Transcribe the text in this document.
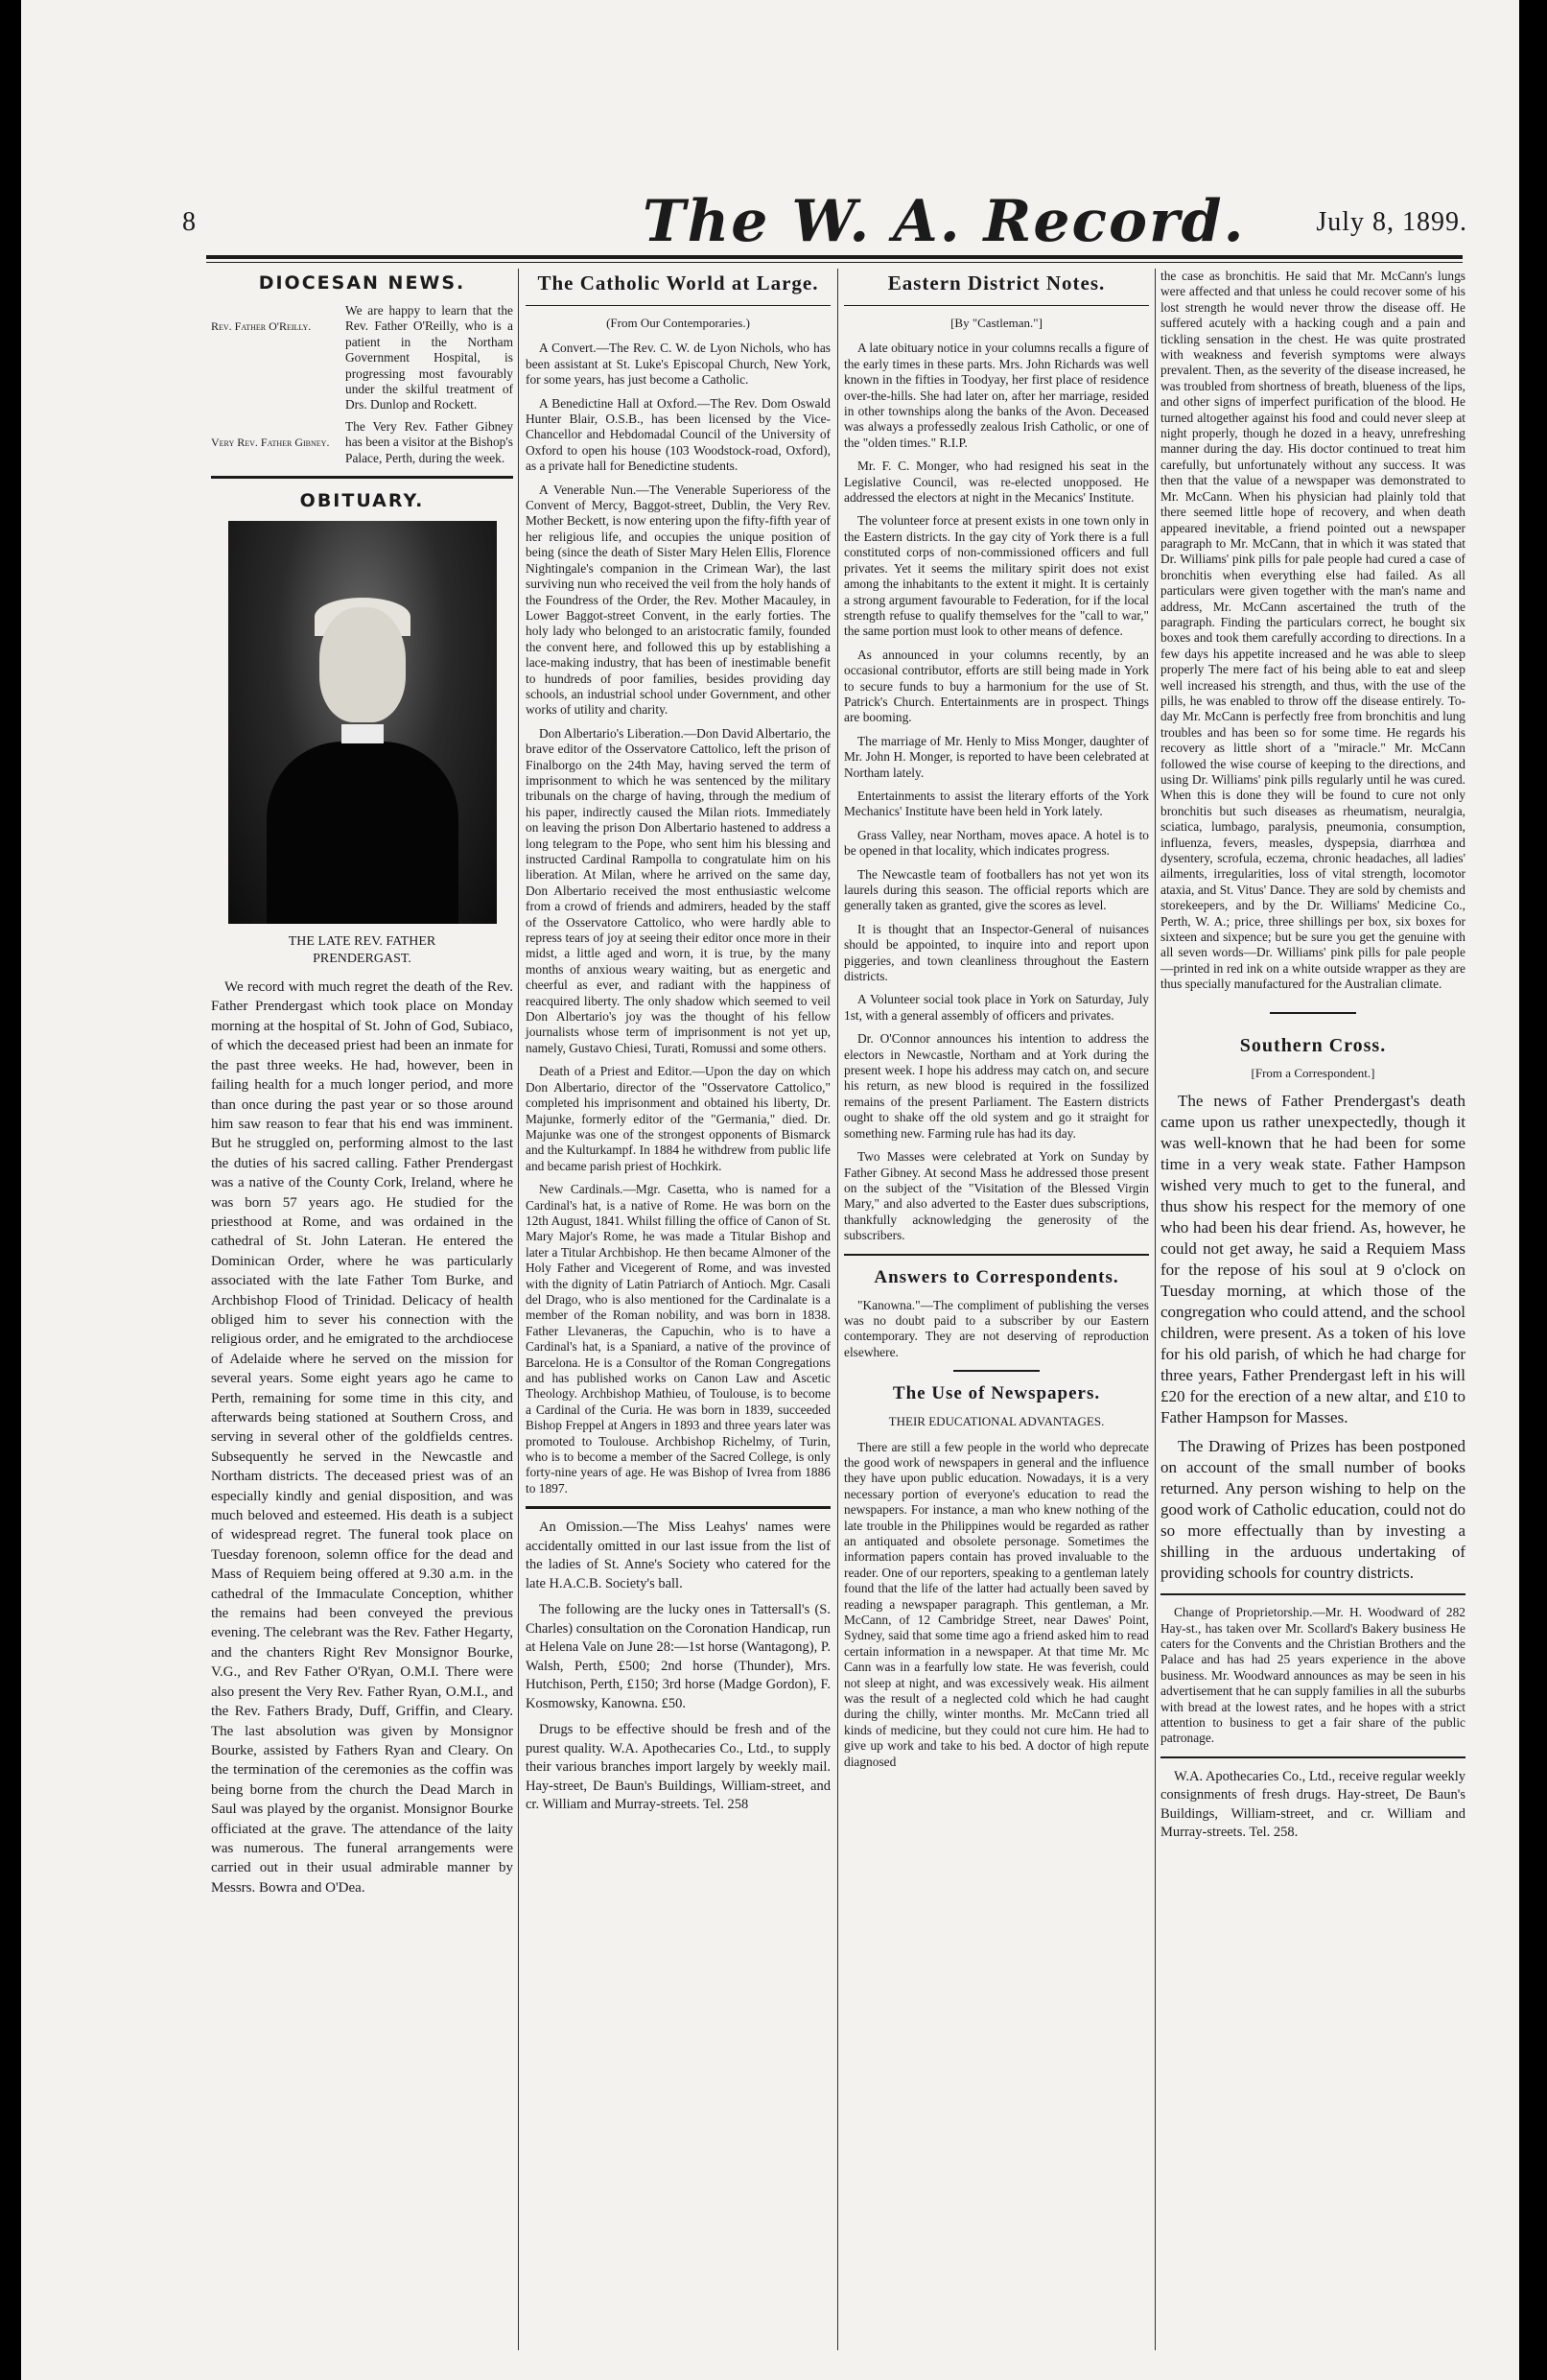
8	The W. A. Record.	July 8, 1899.
DIOCESAN NEWS.
Rev. Father O'Reilly.
We are happy to learn that the Rev. Father O'Reilly, who is a patient in the Northam Government Hospital, is progressing most favourably under the skilful treatment of Drs. Dunlop and Rockett.
Very Rev. Father Gibney.
The Very Rev. Father Gibney has been a visitor at the Bishop's Palace, Perth, during the week.
OBITUARY.
THE LATE REV. FATHER
PRENDERGAST.

We record with much regret the death of the Rev. Father Prendergast which took place on Monday morning at the hospital of St. John of God, Subiaco, of which the deceased priest had been an inmate for the past three weeks. He had, however, been in failing health for a much longer period, and more than once during the past year or so those around him saw reason to fear that his end was imminent. But he struggled on, performing almost to the last the duties of his sacred calling. Father Prendergast was a native of the County Cork, Ireland, where he was born 57 years ago. He studied for the priesthood at Rome, and was ordained in the cathedral of St. John Lateran. He entered the Dominican Order, where he was particularly associated with the late Father Tom Burke, and Archbishop Flood of Trinidad. Delicacy of health obliged him to sever his connection with the religious order, and he emigrated to the archdiocese of Adelaide where he served on the mission for several years. Some eight years ago he came to Perth, remaining for some time in this city, and afterwards being stationed at Southern Cross, and serving in several other of the goldfields centres. Subsequently he served in the Newcastle and Northam districts. The deceased priest was of an especially kindly and genial disposition, and was much beloved and esteemed. His death is a subject of widespread regret. The funeral took place on Tuesday forenoon, solemn office for the dead and Mass of Requiem being offered at 9.30 a.m. in the cathedral of the Immaculate Conception, whither the remains had been conveyed the previous evening. The celebrant was the Rev. Father Hegarty, and the chanters Right Rev Monsignor Bourke, V.G., and Rev Father O'Ryan, O.M.I. There were also present the Very Rev. Father Ryan, O.M.I., and the Rev. Fathers Brady, Duff, Griffin, and Cleary. The last absolution was given by Monsignor Bourke, assisted by Fathers Ryan and Cleary. On the termination of the ceremonies as the coffin was being borne from the church the Dead March in Saul was played by the organist. Monsignor Bourke officiated at the grave. The attendance of the laity was numerous. The funeral arrangements were carried out in their usual admirable manner by Messrs. Bowra and O'Dea.

The Catholic World at Large.
(From Our Contemporaries.)

A Convert.—The Rev. C. W. de Lyon Nichols, who has been assistant at St. Luke's Episcopal Church, New York, for some years, has just become a Catholic.

A Benedictine Hall at Oxford.—The Rev. Dom Oswald Hunter Blair, O.S.B., has been licensed by the Vice-Chancellor and Hebdomadal Council of the University of Oxford to open his house (103 Woodstock-road, Oxford), as a private hall for Benedictine students.

A Venerable Nun.—The Venerable Superioress of the Convent of Mercy, Baggot-street, Dublin, the Very Rev. Mother Beckett, is now entering upon the fifty-fifth year of her religious life, and occupies the unique position of being (since the death of Sister Mary Helen Ellis, Florence Nightingale's companion in the Crimean War), the last surviving nun who received the veil from the holy hands of the Foundress of the Order, the Rev. Mother Macauley, in Lower Baggot-street Convent, in the early forties. The holy lady who belonged to an aristocratic family, founded the convent here, and followed this up by establishing a lace-making industry, that has been of inestimable benefit to hundreds of poor families, besides providing day schools, an industrial school under Government, and other works of utility and charity.

Don Albertario's Liberation.—Don David Albertario, the brave editor of the Osservatore Cattolico, left the prison of Finalborgo on the 24th May, having served the term of imprisonment to which he was sentenced by the military tribunals on the charge of having, through the medium of his paper, indirectly caused the Milan riots. Immediately on leaving the prison Don Albertario hastened to address a long telegram to the Pope, who sent him his blessing and instructed Cardinal Rampolla to congratulate him on his liberation. At Milan, where he arrived on the same day, Don Albertario received the most enthusiastic welcome from a crowd of friends and admirers, headed by the staff of the Osservatore Cattolico, who were hardly able to repress tears of joy at seeing their editor once more in their midst, a little aged and worn, it is true, by the many months of anxious weary waiting, but as energetic and cheerful as ever, and radiant with the happiness of reacquired liberty. The only shadow which seemed to veil Don Albertario's joy was the thought of his fellow journalists whose term of imprisonment is not yet up, namely, Gustavo Chiesi, Turati, Romussi and some others.

Death of a Priest and Editor.—Upon the day on which Don Albertario, director of the "Osservatore Cattolico," completed his imprisonment and obtained his liberty, Dr. Majunke, formerly editor of the "Germania," died. Dr. Majunke was one of the strongest opponents of Bismarck and the Kulturkampf. In 1884 he withdrew from public life and became parish priest of Hochkirk.

New Cardinals.—Mgr. Casetta, who is named for a Cardinal's hat, is a native of Rome. He was born on the 12th August, 1841. Whilst filling the office of Canon of St. Mary Major's Rome, he was made a Titular Bishop and later a Titular Archbishop. He then became Almoner of the Holy Father and Vicegerent of Rome, and was invested with the dignity of Latin Patriarch of Antioch. Mgr. Casali del Drago, who is also mentioned for the Cardinalate is a member of the Roman nobility, and was born in 1838. Father Llevaneras, the Capuchin, who is to have a Cardinal's hat, is a Spaniard, a native of the province of Barcelona. He is a Consultor of the Roman Congregations and has published works on Canon Law and Ascetic Theology. Archbishop Mathieu, of Toulouse, is to become a Cardinal of the Curia. He was born in 1839, succeeded Bishop Freppel at Angers in 1893 and three years later was promoted to Toulouse. Archbishop Richelmy, of Turin, who is to become a member of the Sacred College, is only forty-nine years of age. He was Bishop of Ivrea from 1886 to 1897.

An Omission.—The Miss Leahys' names were accidentally omitted in our last issue from the list of the ladies of St. Anne's Society who catered for the late H.A.C.B. Society's ball.

The following are the lucky ones in Tattersall's (S. Charles) consultation on the Coronation Handicap, run at Helena Vale on June 28:—1st horse (Wantagong), P. Walsh, Perth, £500; 2nd horse (Thunder), Mrs. Hutchison, Perth, £150; 3rd horse (Madge Gordon), F. Kosmowsky, Kanowna. £50.

Drugs to be effective should be fresh and of the purest quality. W.A. Apothecaries Co., Ltd., to supply their various branches import largely by weekly mail. Hay-street, De Baun's Buildings, William-street, and cr. William and Murray-streets. Tel. 258

Eastern District Notes.
[By "Castleman."]

A late obituary notice in your columns recalls a figure of the early times in these parts. Mrs. John Richards was well known in the fifties in Toodyay, her first place of residence over-the-hills. She had later on, after her marriage, resided in other townships along the banks of the Avon. Deceased was always a professedly zealous Irish Catholic, or one of the "olden times." R.I.P.

Mr. F. C. Monger, who had resigned his seat in the Legislative Council, was re-elected unopposed. He addressed the electors at night in the Mecanics' Institute.

The volunteer force at present exists in one town only in the Eastern districts. In the gay city of York there is a full constituted corps of non-commissioned officers and full privates. Yet it seems the military spirit does not exist among the inhabitants to the extent it might. It is certainly a strong argument favourable to Federation, for if the local strength refuse to qualify themselves for the "call to war," the same portion must look to other means of defence.

As announced in your columns recently, by an occasional contributor, efforts are still being made in York to secure funds to buy a harmonium for the use of St. Patrick's Church. Entertainments are in prospect. Things are booming.

The marriage of Mr. Henly to Miss Monger, daughter of Mr. John H. Monger, is reported to have been celebrated at Northam lately.

Entertainments to assist the literary efforts of the York Mechanics' Institute have been held in York lately.

Grass Valley, near Northam, moves apace. A hotel is to be opened in that locality, which indicates progress.

The Newcastle team of footballers has not yet won its laurels during this season. The official reports which are generally taken as granted, give the scores as level.

It is thought that an Inspector-General of nuisances should be appointed, to inquire into and report upon piggeries, and town cleanliness throughout the Eastern districts.

A Volunteer social took place in York on Saturday, July 1st, with a general assembly of officers and privates.

Dr. O'Connor announces his intention to address the electors in Newcastle, Northam and at York during the present week. I hope his address may catch on, and secure his return, as new blood is required in the fossilized remains of the present Parliament. The Eastern districts ought to shake off the old system and go it straight for something new. Farming rule has had its day.

Two Masses were celebrated at York on Sunday by Father Gibney. At second Mass he addressed those present on the subject of the "Visitation of the Blessed Virgin Mary," and also adverted to the Easter dues subscriptions, thankfully acknowledging the generosity of the subscribers.

Answers to Correspondents.

"Kanowna."—The compliment of publishing the verses was no doubt paid to a subscriber by our Eastern contemporary. They are not deserving of reproduction elsewhere.

The Use of Newspapers.
THEIR EDUCATIONAL ADVANTAGES.

There are still a few people in the world who deprecate the good work of newspapers in general and the influence they have upon public education. Nowadays, it is a very necessary portion of everyone's education to read the newspapers. For instance, a man who knew nothing of the late trouble in the Philippines would be regarded as rather an antiquated and obsolete personage. Sometimes the information papers contain has proved invaluable to the reader. One of our reporters, speaking to a gentleman lately found that the life of the latter had actually been saved by reading a newspaper paragraph. This gentleman, a Mr. McCann, of 12 Cambridge Street, near Dawes' Point, Sydney, said that some time ago a friend asked him to read certain information in a newspaper. At that time Mr. Mc Cann was in a fearfully low state. He was feverish, could not sleep at night, and was excessively weak. His ailment was the result of a neglected cold which he had caught during the chilly, winter months. Mr. McCann tried all kinds of medicine, but they could not cure him. He had to give up work and take to his bed. A doctor of high repute diagnosed

the case as bronchitis. He said that Mr. McCann's lungs were affected and that unless he could recover some of his lost strength he would never throw the disease off. He suffered acutely with a hacking cough and a pain and tickling sensation in the chest. He was quite prostrated with weakness and feverish symptoms were always prevalent. Then, as the severity of the disease increased, he was troubled from shortness of breath, blueness of the lips, and other signs of imperfect purification of the blood. He turned altogether against his food and could never sleep at night properly, though he dozed in a heavy, unrefreshing manner during the day. His doctor continued to treat him carefully, but unfortunately without any success. It was then that the value of a newspaper was demonstrated to Mr. McCann. When his physician had plainly told that there seemed little hope of recovery, and when death appeared inevitable, a friend pointed out a newspaper paragraph to Mr. McCann, that in which it was stated that Dr. Williams' pink pills for pale people had cured a case of bronchitis when everything else had failed. As all particulars were given together with the man's name and address, Mr. McCann ascertained the truth of the paragraph. Finding the particulars correct, he bought six boxes and took them carefully according to directions. In a few days his appetite increased and he was able to sleep properly The mere fact of his being able to eat and sleep well increased his strength, and thus, with the use of the pills, he was enabled to throw off the disease entirely. To-day Mr. McCann is perfectly free from bronchitis and lung troubles and has been so for some time. He regards his recovery as little short of a "miracle." Mr. McCann followed the wise course of keeping to the directions, and using Dr. Williams' pink pills regularly until he was cured. When this is done they will be found to cure not only bronchitis but such diseases as rheumatism, neuralgia, sciatica, lumbago, paralysis, pneumonia, consumption, influenza, fevers, measles, dyspepsia, diarrhœa and dysentery, scrofula, eczema, chronic headaches, all ladies' ailments, irregularities, loss of vital strength, locomotor ataxia, and St. Vitus' Dance. They are sold by chemists and storekeepers, and by the Dr. Williams' Medicine Co., Perth, W. A.; price, three shillings per box, six boxes for sixteen and sixpence; but be sure you get the genuine with all seven words—Dr. Williams' pink pills for pale people—printed in red ink on a white outside wrapper as they are thus specially manufactured for the Australian climate.

Southern Cross.
[From a Correspondent.]

The news of Father Prendergast's death came upon us rather unexpectedly, though it was well-known that he had been for some time in a very weak state. Father Hampson wished very much to get to the funeral, and thus show his respect for the memory of one who had been his dear friend. As, however, he could not get away, he said a Requiem Mass for the repose of his soul at 9 o'clock on Tuesday morning, at which those of the congregation who could attend, and the school children, were present. As a token of his love for his old parish, of which he had charge for three years, Father Prendergast left in his will £20 for the erection of a new altar, and £10 to Father Hampson for Masses.

The Drawing of Prizes has been postponed on account of the small number of books returned. Any person wishing to help on the good work of Catholic education, could not do so more effectually than by investing a shilling in the arduous undertaking of providing schools for country districts.

Change of Proprietorship.—Mr. H. Woodward of 282 Hay-st., has taken over Mr. Scollard's Bakery business He caters for the Convents and the Christian Brothers and the Palace and has had 25 years experience in the above business. Mr. Woodward announces as may be seen in his advertisement that he can supply families in all the suburbs with bread at the lowest rates, and he hopes with a strict attention to business to get a fair share of the public patronage.

W.A. Apothecaries Co., Ltd., receive regular weekly consignments of fresh drugs. Hay-street, De Baun's Buildings, William-street, and cr. William and Murray-streets. Tel. 258.
